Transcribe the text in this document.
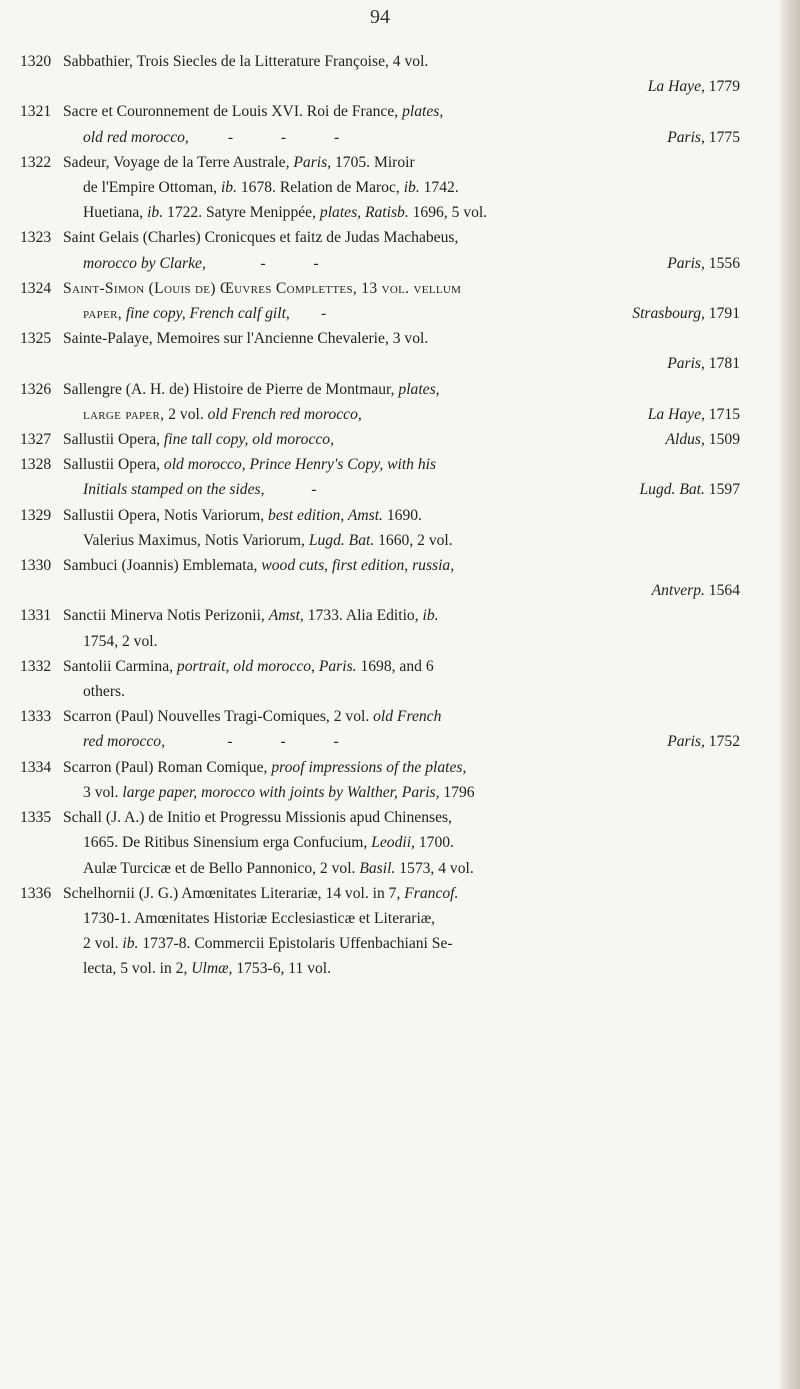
94
1320 Sabbathier, Trois Siecles de la Litterature Françoise, 4 vol.
La Haye, 1779
1321 Sacre et Couronnement de Louis XVI. Roi de France, plates,
old red morocco, - - -	Paris, 1775
1322 Sadeur, Voyage de la Terre Australe, Paris, 1705. Miroir
de l'Empire Ottoman, ib. 1678. Relation de Maroc, ib. 1742.
Huetiana, ib. 1722. Satyre Menippée, plates, Ratisb. 1696, 5 vol.
1323 Saint Gelais (Charles) Cronicques et faitz de Judas Machabeus,
morocco by Clarke,	- -	Paris, 1556
1324 Saint-Simon (Louis de) Œuvres Complettes, 13 vol. vellum
paper, fine copy, French calf gilt, -	Strasbourg, 1791
1325 Sainte-Palaye, Memoires sur l'Ancienne Chevalerie, 3 vol.
Paris, 1781
1326 Sallengre (A. H. de) Histoire de Pierre de Montmaur, plates,
large paper, 2 vol. old French red morocco,	La Haye, 1715
1327 Sallustii Opera, fine tall copy, old morocco,	Aldus, 1509
1328 Sallustii Opera, old morocco, Prince Henry's Copy, with his
Initials stamped on the sides,	-	Lugd. Bat. 1597
1329 Sallustii Opera, Notis Variorum, best edition, Amst. 1690.
Valerius Maximus, Notis Variorum, Lugd. Bat. 1660, 2 vol.
1330 Sambuci (Joannis) Emblemata, wood cuts, first edition, russia,
Antverp. 1564
1331 Sanctii Minerva Notis Perizonii, Amst, 1733. Alia Editio, ib.
1754, 2 vol.
1332 Santolii Carmina, portrait, old morocco, Paris. 1698, and 6
others.
1333 Scarron (Paul) Nouvelles Tragi-Comiques, 2 vol. old French
red morocco,	- - -	Paris, 1752
1334 Scarron (Paul) Roman Comique, proof impressions of the plates,
3 vol. large paper, morocco with joints by Walther, Paris, 1796
1335 Schall (J. A.) de Initio et Progressu Missionis apud Chinenses,
1665. De Ritibus Sinensium erga Confucium, Leodii, 1700.
Aulæ Turcicæ et de Bello Pannonico, 2 vol. Basil. 1573, 4 vol.
1336 Schelhornii (J. G.) Amœnitates Literariæ, 14 vol. in 7, Francof.
1730-1. Amœnitates Historiæ Ecclesiasticæ et Literariæ,
2 vol. ib. 1737-8. Commercii Epistolaris Uffenbachiani Se-
lecta, 5 vol. in 2, Ulmæ, 1753-6, 11 vol.
